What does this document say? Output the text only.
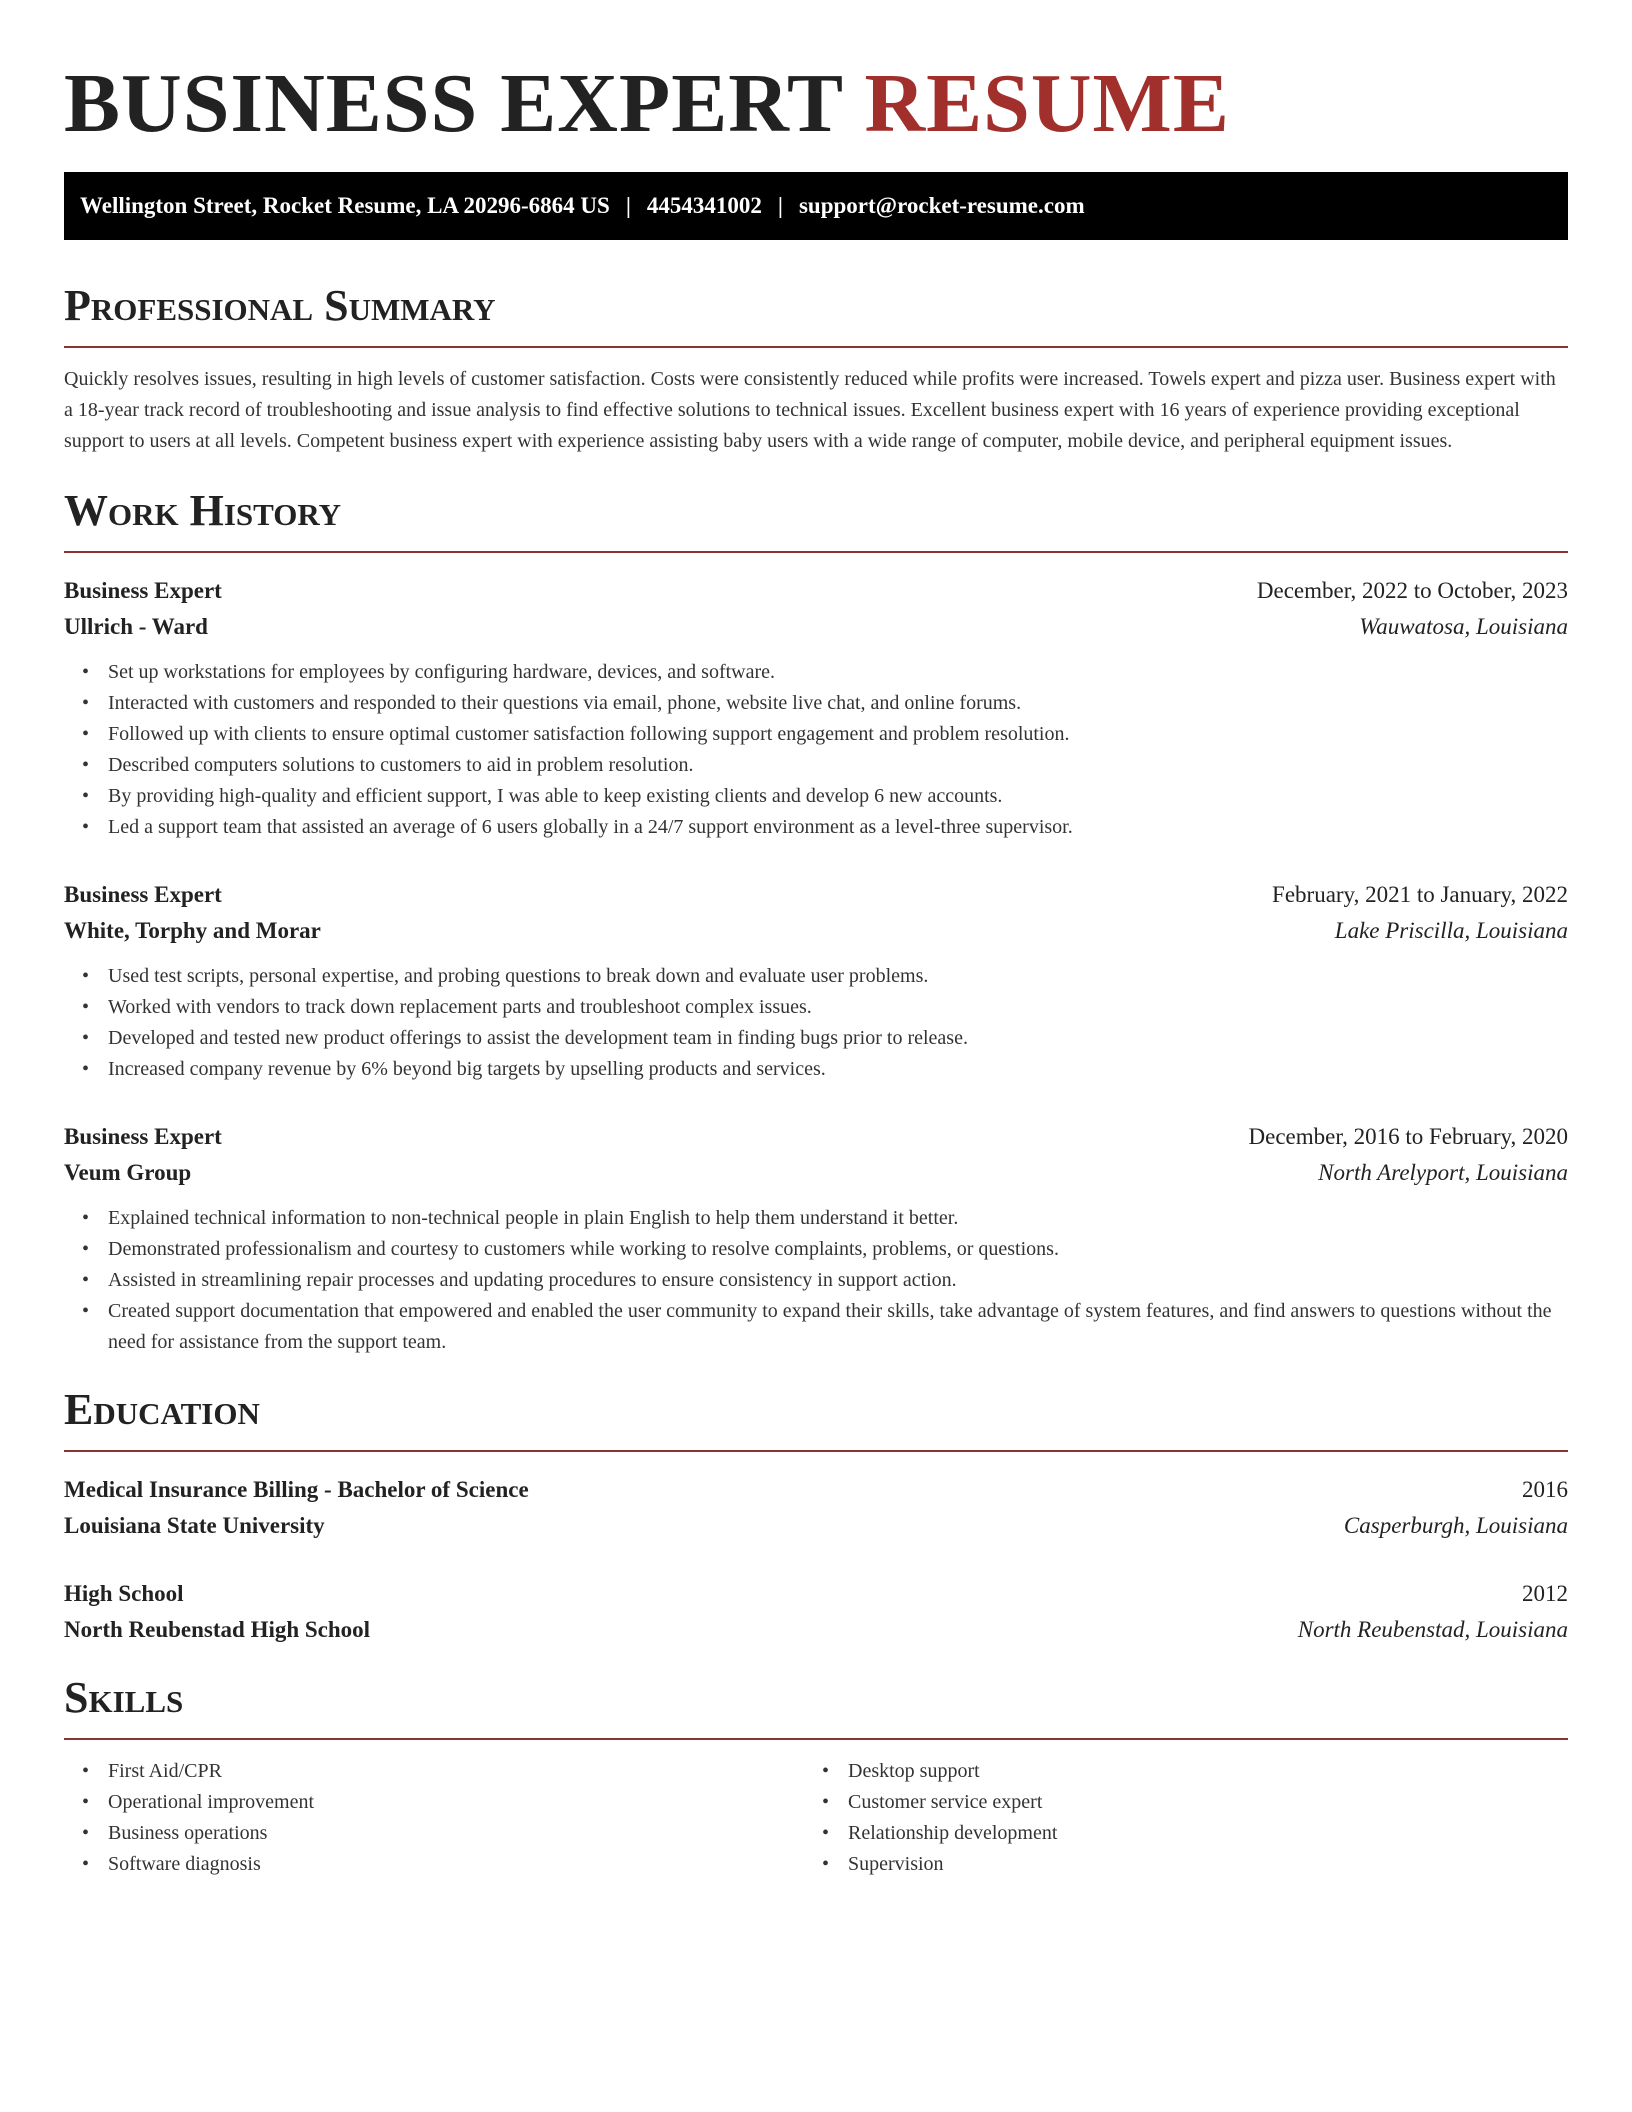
BUSINESS EXPERT RESUME
Wellington Street, Rocket Resume, LA 20296-6864 US | 4454341002 | support@rocket-resume.com
Professional Summary

Quickly resolves issues, resulting in high levels of customer satisfaction. Costs were consistently reduced while profits were increased. Towels expert and pizza user. Business expert with a 18-year track record of troubleshooting and issue analysis to find effective solutions to technical issues. Excellent business expert with 16 years of experience providing exceptional support to users at all levels. Competent business expert with experience assisting baby users with a wide range of computer, mobile device, and peripheral equipment issues.

Work History
Business Expert	December, 2022 to October, 2023
Ullrich - Ward	Wauwatosa, Louisiana
• Set up workstations for employees by configuring hardware, devices, and software.
• Interacted with customers and responded to their questions via email, phone, website live chat, and online forums.
• Followed up with clients to ensure optimal customer satisfaction following support engagement and problem resolution.
• Described computers solutions to customers to aid in problem resolution.
• By providing high-quality and efficient support, I was able to keep existing clients and develop 6 new accounts.
• Led a support team that assisted an average of 6 users globally in a 24/7 support environment as a level-three supervisor.
Business Expert	February, 2021 to January, 2022
White, Torphy and Morar	Lake Priscilla, Louisiana
• Used test scripts, personal expertise, and probing questions to break down and evaluate user problems.
• Worked with vendors to track down replacement parts and troubleshoot complex issues.
• Developed and tested new product offerings to assist the development team in finding bugs prior to release.
• Increased company revenue by 6% beyond big targets by upselling products and services.
Business Expert	December, 2016 to February, 2020
Veum Group	North Arelyport, Louisiana
• Explained technical information to non-technical people in plain English to help them understand it better.
• Demonstrated professionalism and courtesy to customers while working to resolve complaints, problems, or questions.
• Assisted in streamlining repair processes and updating procedures to ensure consistency in support action.
• Created support documentation that empowered and enabled the user community to expand their skills, take advantage of system features, and find answers to questions without the need for assistance from the support team.
Education
Medical Insurance Billing - Bachelor of Science	2016
Louisiana State University	Casperburgh, Louisiana
High School	2012
North Reubenstad High School	North Reubenstad, Louisiana
Skills
• First Aid/CPR
• Operational improvement
• Business operations
• Software diagnosis
• Desktop support
• Customer service expert
• Relationship development
• Supervision
